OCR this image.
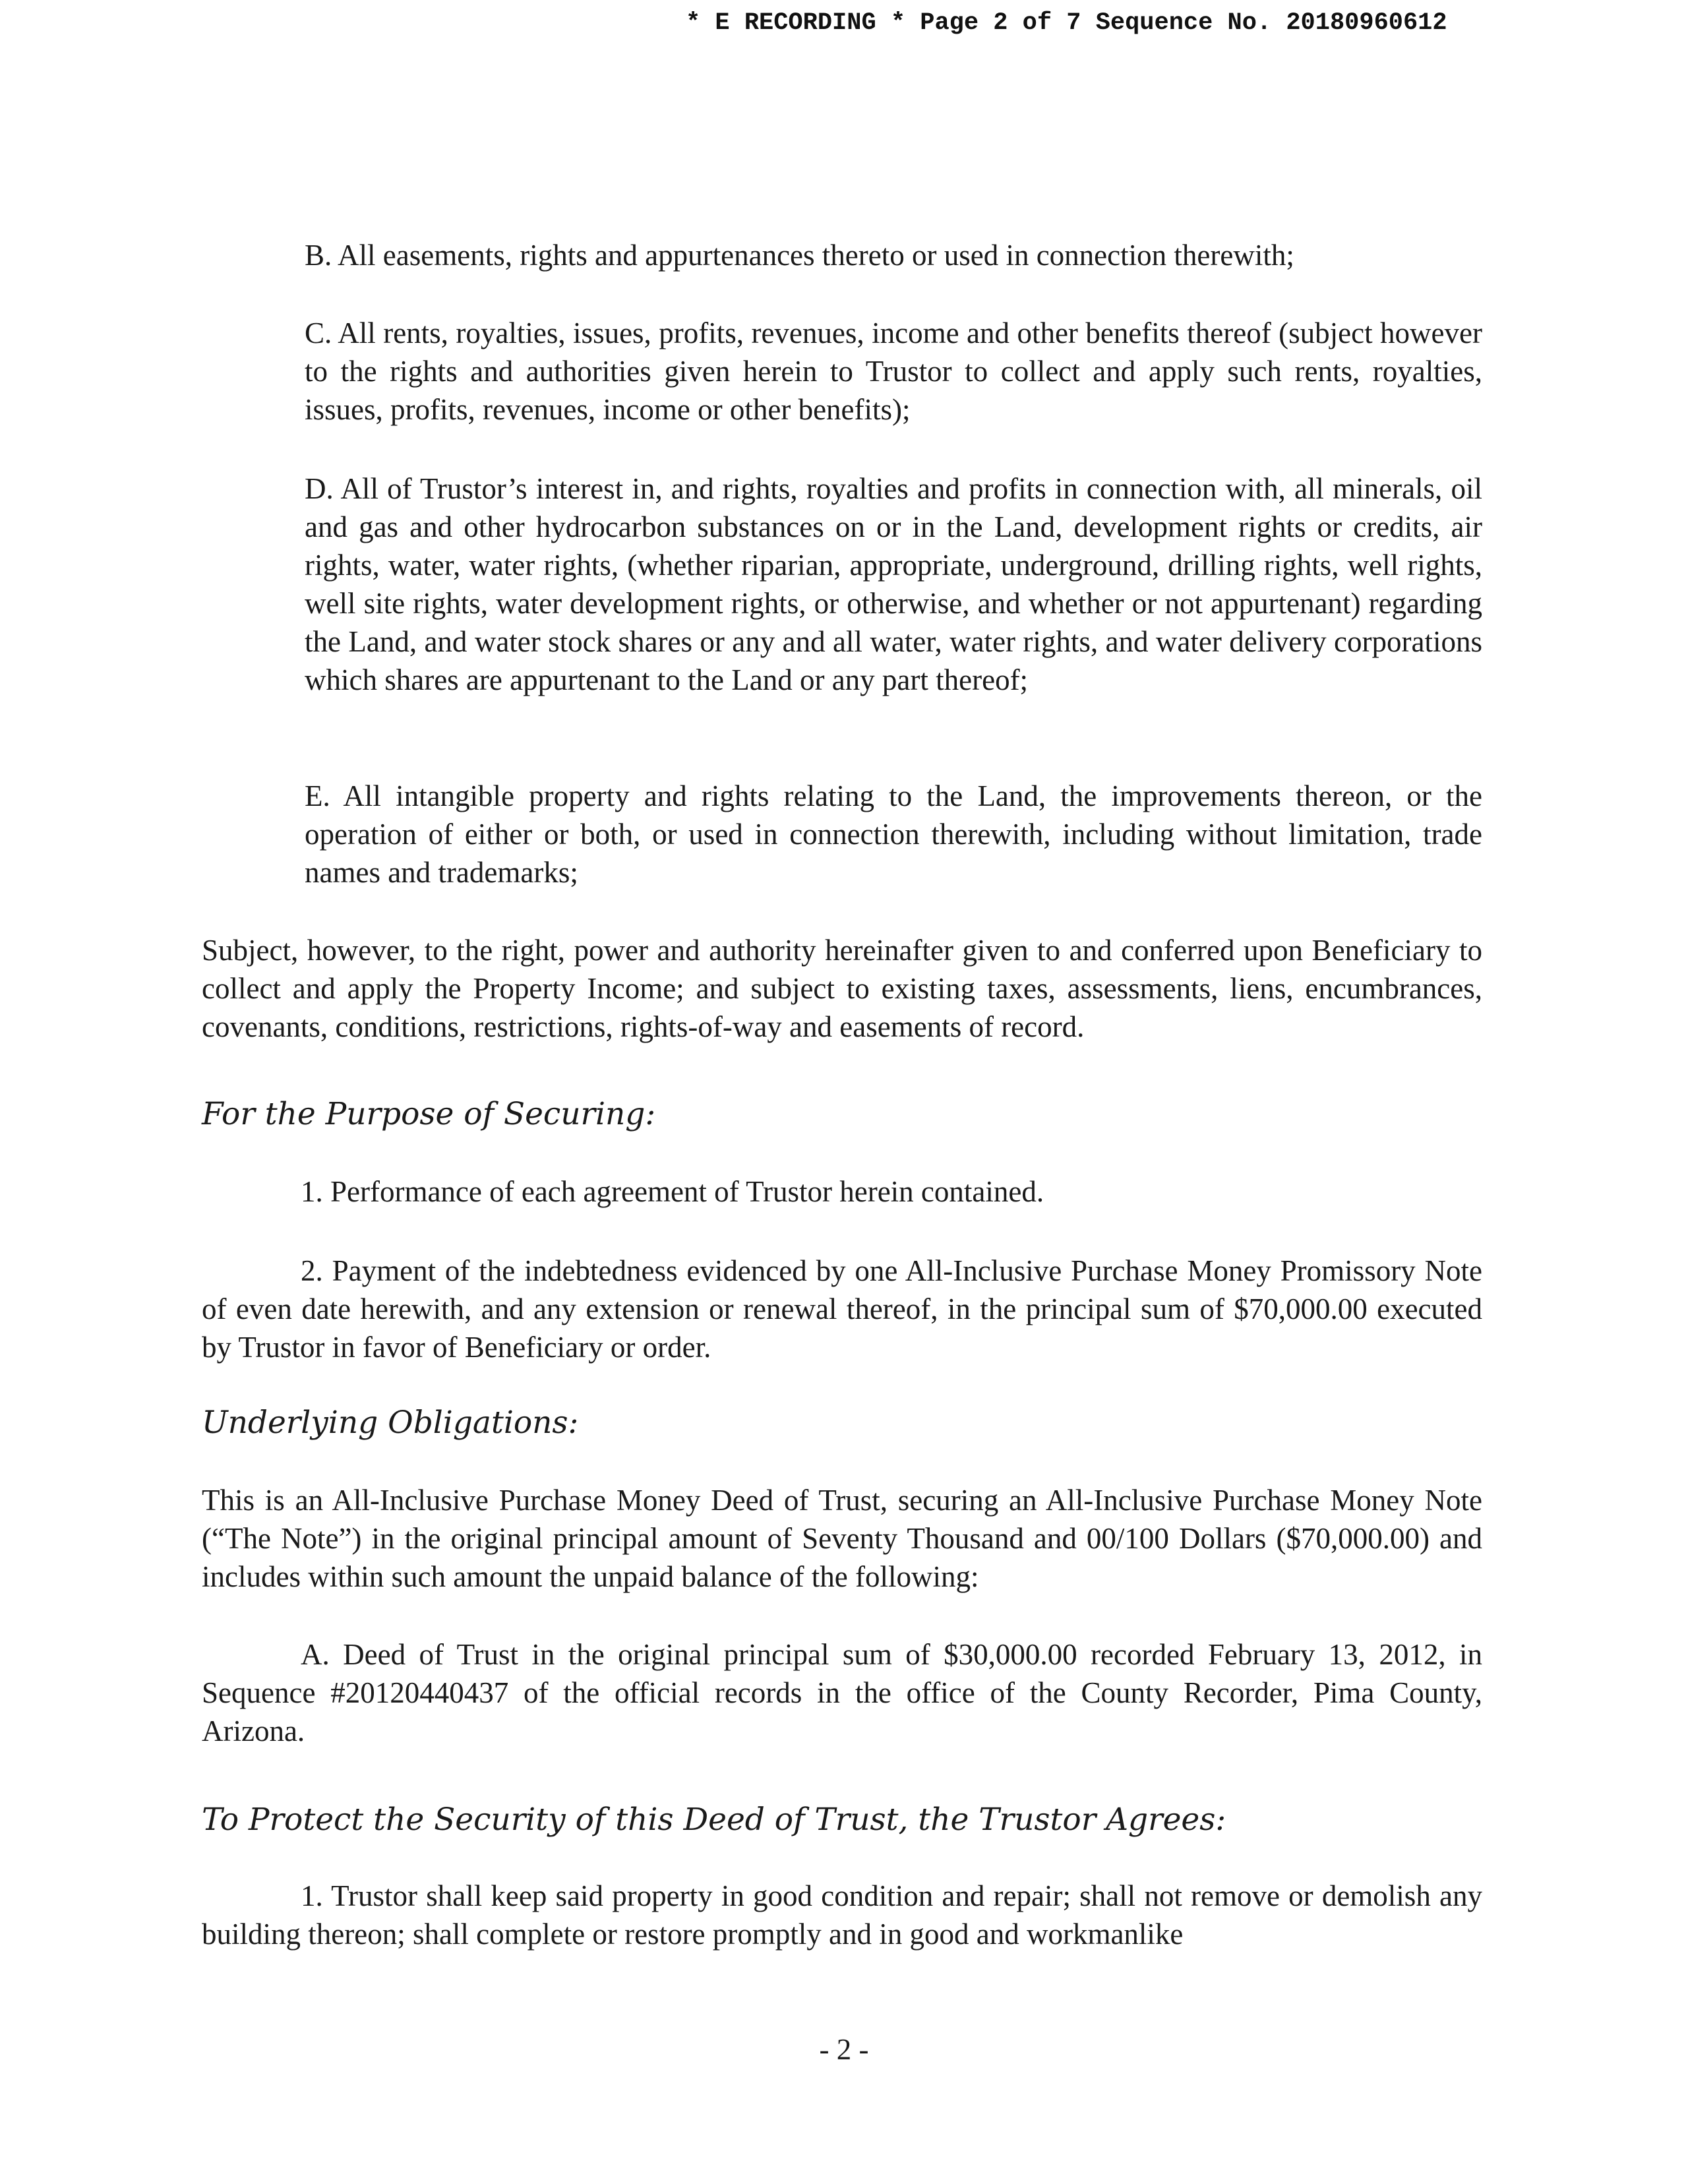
* E RECORDING * Page 2 of 7 Sequence No. 20180960612

B. All easements, rights and appurtenances thereto or used in connection therewith;

C. All rents, royalties, issues, profits, revenues, income and other benefits thereof (subject however to the rights and authorities given herein to Trustor to collect and apply such rents, royalties, issues, profits, revenues, income or other benefits);

D. All of Trustor’s interest in, and rights, royalties and profits in connection with, all minerals, oil and gas and other hydrocarbon substances on or in the Land, development rights or credits, air rights, water, water rights, (whether riparian, appropriate, underground, drilling rights, well rights, well site rights, water development rights, or otherwise, and whether or not appurtenant) regarding the Land, and water stock shares or any and all water, water rights, and water delivery corporations which shares are appurtenant to the Land or any part thereof;

E. All intangible property and rights relating to the Land, the improvements thereon, or the operation of either or both, or used in connection therewith, including without limitation, trade names and trademarks;

Subject, however, to the right, power and authority hereinafter given to and conferred upon Beneficiary to collect and apply the Property Income; and subject to existing taxes, assessments, liens, encumbrances, covenants, conditions, restrictions, rights-of-way and easements of record.

For the Purpose of Securing:

1. Performance of each agreement of Trustor herein contained.

2. Payment of the indebtedness evidenced by one All-Inclusive Purchase Money Promissory Note of even date herewith, and any extension or renewal thereof, in the principal sum of $70,000.00 executed by Trustor in favor of Beneficiary or order.

Underlying Obligations:

This is an All-Inclusive Purchase Money Deed of Trust, securing an All-Inclusive Purchase Money Note (“The Note”) in the original principal amount of Seventy Thousand and 00/100 Dollars ($70,000.00) and includes within such amount the unpaid balance of the following:

A. Deed of Trust in the original principal sum of $30,000.00 recorded February 13, 2012, in Sequence #20120440437 of the official records in the office of the County Recorder, Pima County, Arizona.

To Protect the Security of this Deed of Trust, the Trustor Agrees:

1. Trustor shall keep said property in good condition and repair; shall not remove or demolish any building thereon; shall complete or restore promptly and in good and workmanlike

- 2 -
